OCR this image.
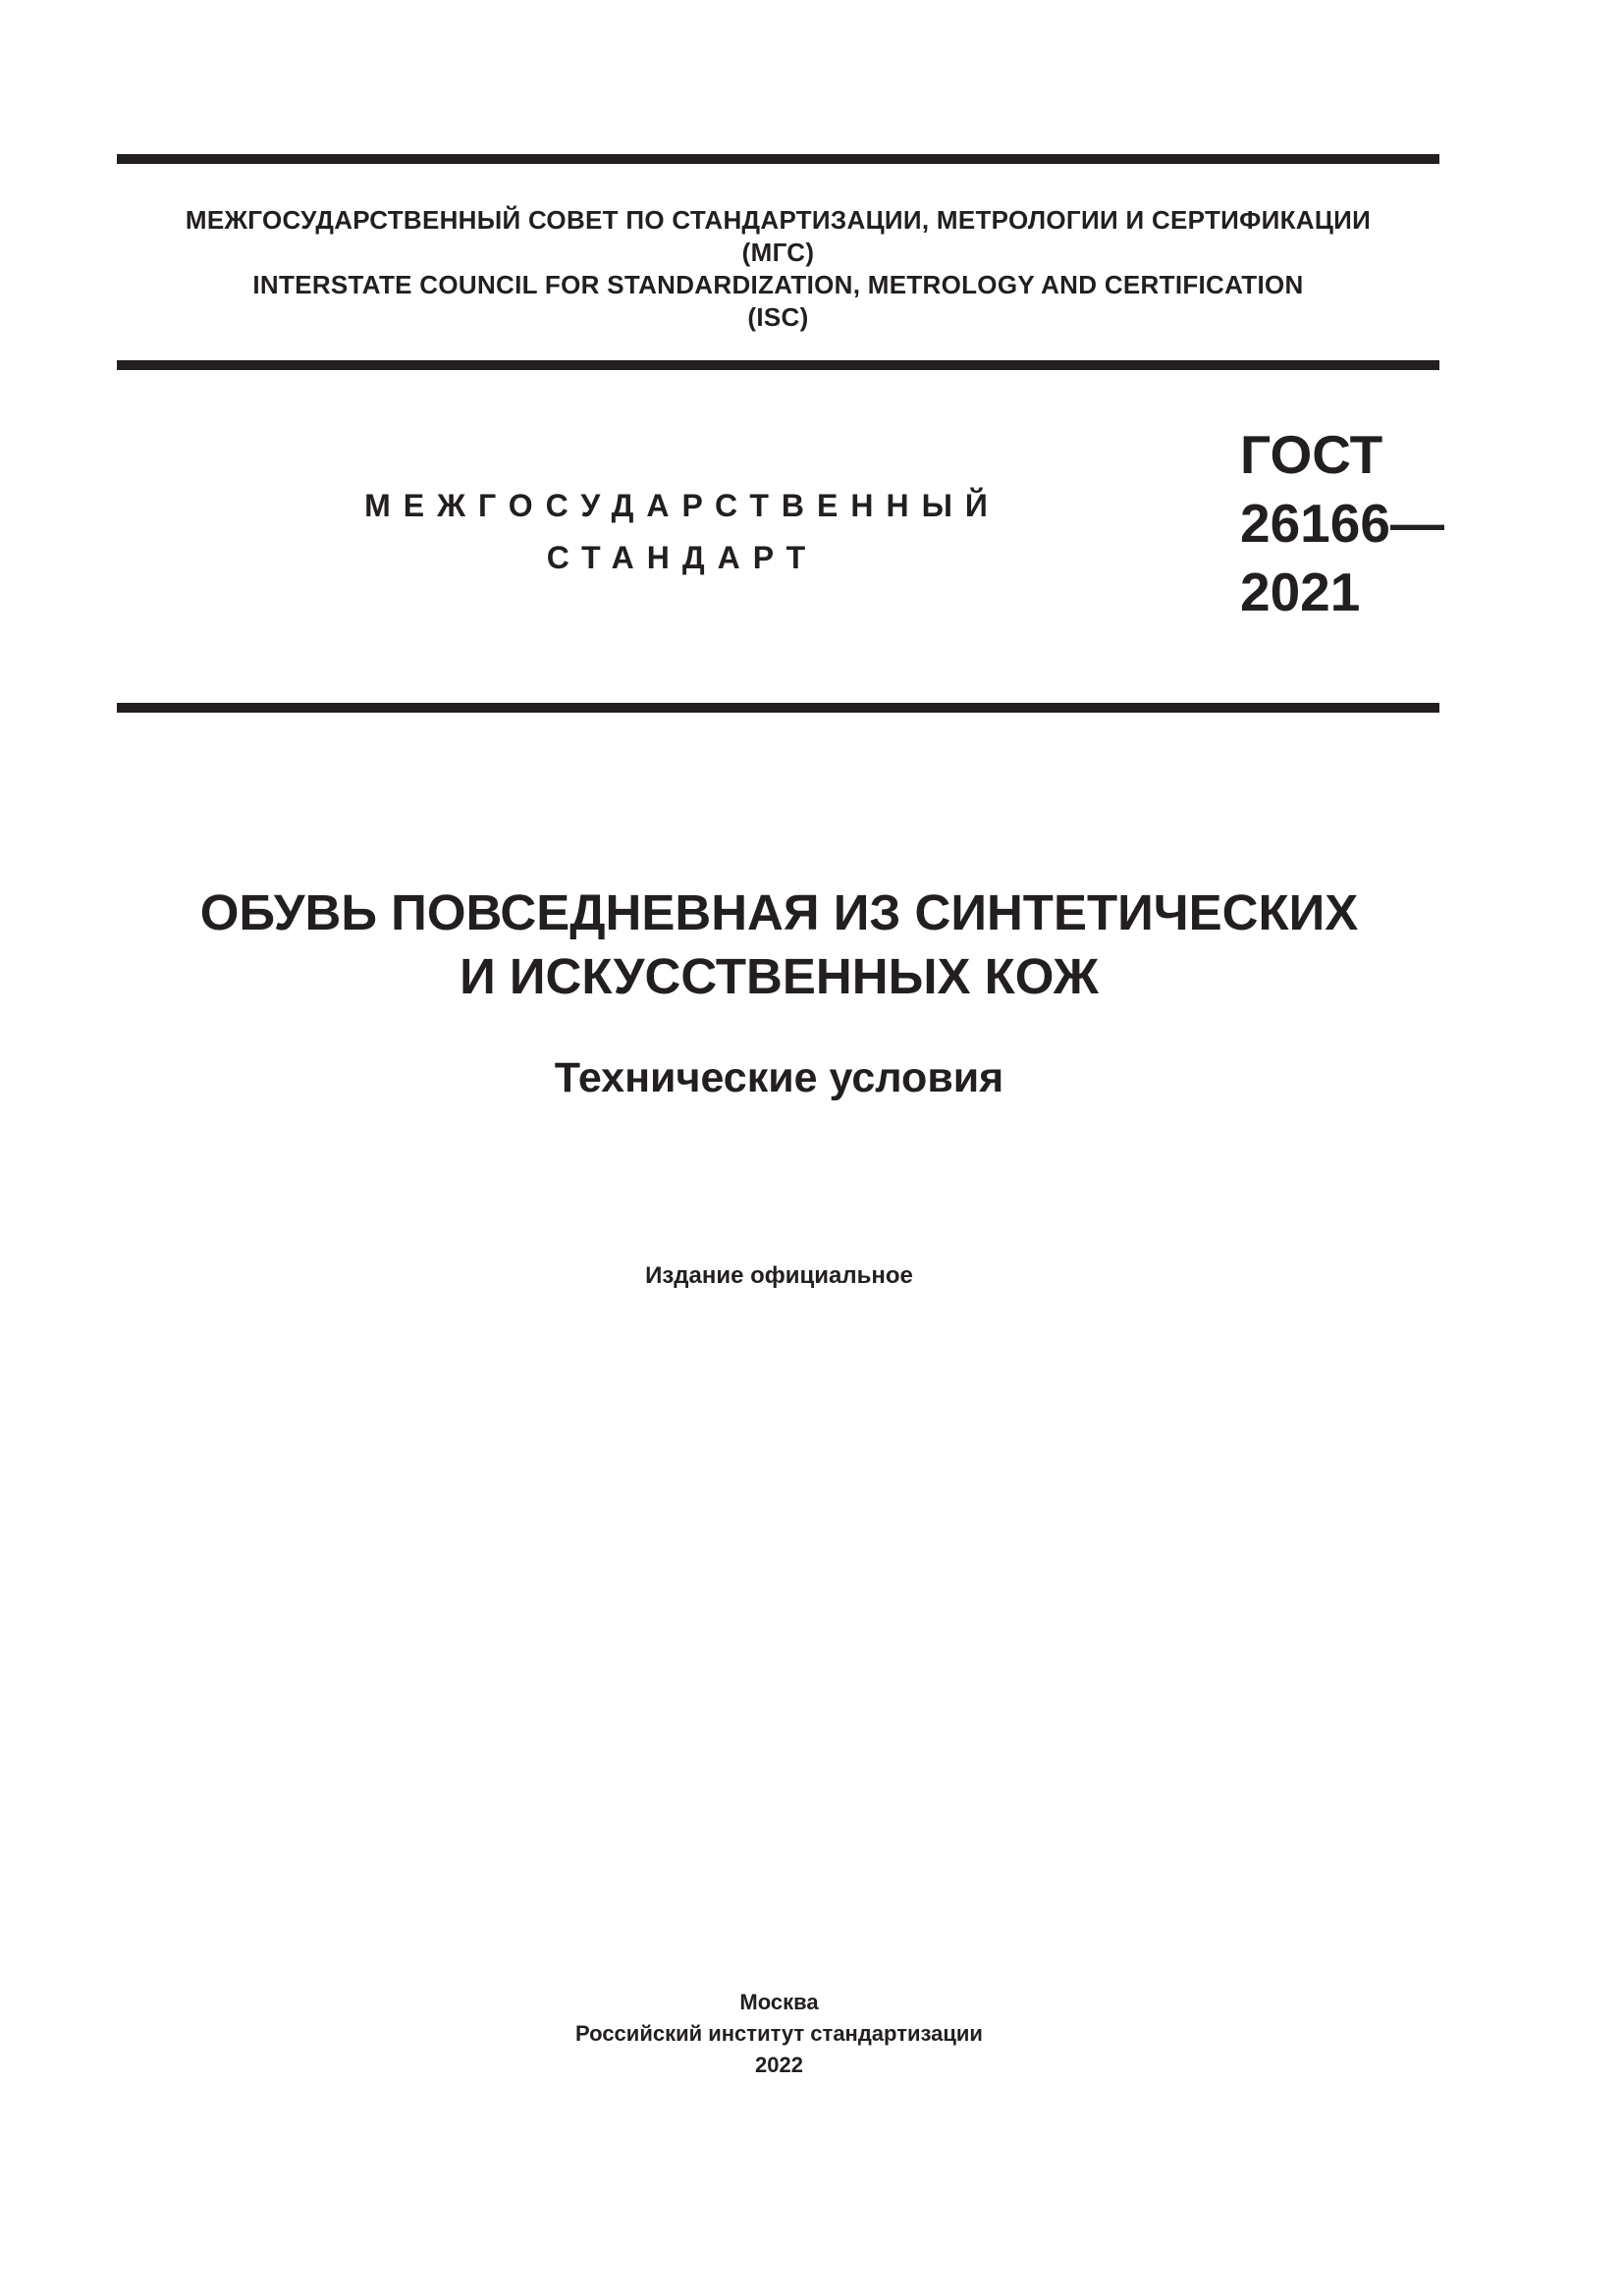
МЕЖГОСУДАРСТВЕННЫЙ СОВЕТ ПО СТАНДАРТИЗАЦИИ, МЕТРОЛОГИИ И СЕРТИФИКАЦИИ
(МГС)
INTERSTATE COUNCIL FOR STANDARDIZATION, METROLOGY AND CERTIFICATION
(ISC)
МЕЖГОСУДАРСТВЕННЫЙ
СТАНДАРТ
ГОСТ
26166—
2021
ОБУВЬ ПОВСЕДНЕВНАЯ ИЗ СИНТЕТИЧЕСКИХ
И ИСКУССТВЕННЫХ КОЖ
Технические условия
Издание официальное
Москва
Российский институт стандартизации
2022
